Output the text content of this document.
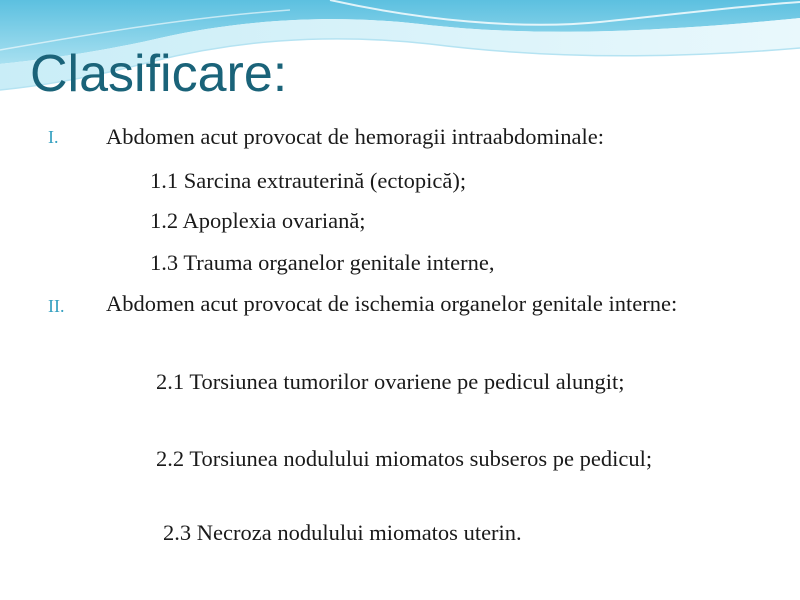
Clasificare:
I. Abdomen acut provocat de hemoragii intraabdominale:
1.1 Sarcina extrauterină (ectopică);
1.2 Apoplexia ovariană;
1.3 Trauma organelor genitale interne,
II. Abdomen acut provocat de ischemia organelor genitale interne:
2.1 Torsiunea tumorilor ovariene pe pedicul alungit;
2.2 Torsiunea nodulului miomatos subseros pe pedicul;
2.3 Necroza nodulului miomatos uterin.
